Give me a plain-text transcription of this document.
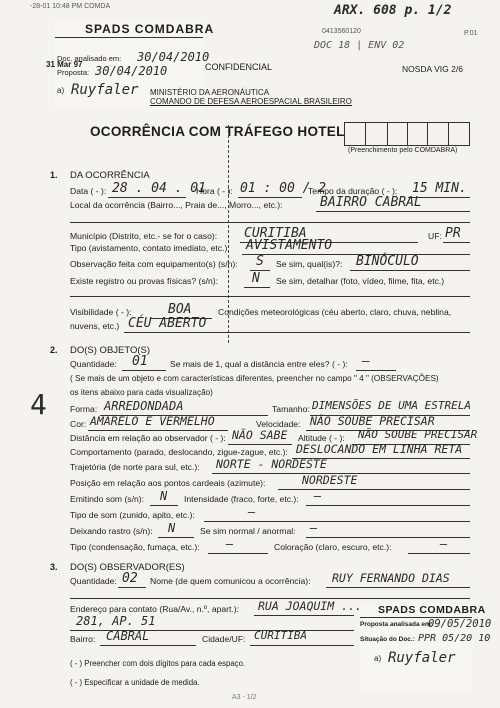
-28-01 10:48 PM COMDA
0413560120	P.01
ARX. 608 p. 1/2
DOC 18 | ENV 02
SPADS COMDABRA
Doc. analisado em: 30/04/2010
Proposta: 30/04/2010
a) Ruyfaler
31 Mar 97	CONFIDENCIAL	NOSDA VIG 2/6
MINISTÉRIO DA AERONÁUTICA
COMANDO DE DEFESA AEROESPACIAL BRASILEIRO
OCORRÊNCIA COM TRÁFEGO HOTEL
(Preenchimento pelo COMDABRA)
1. DA OCORRÊNCIA
Data ( - ): 28 . 04 . 01
Hora ( - ): 01 : 00 / 2
Tempo da duração ( - ): 15 MIN.
Local da ocorrência (Bairro..., Praia de..., Morro..., etc.):	BAIRRO CABRAL
Município (Distrito, etc.- se for o caso): CURITIBA	UF: PR
Tipo (avistamento, contato imediato, etc.): AVISTAMENTO
Observação feita com equipamento(s) (s/n): S Se sim, qual(is)?: BINÓCULO
Existe registro ou provas físicas? (s/n):	N Se sim, detalhar (foto, vídeo, filme, fita, etc.)
Visibilidade ( - ):	BOA	Condições meteorológicas (céu aberto, claro, chuva, neblina,
nuvens, etc.) CÉU ABERTO
2. DO(S) OBJETO(S)
Quantidade: 01	Se mais de 1, qual a distância entre eles? ( - ): —
( Se mais de um objeto e com características diferentes, preencher no campo " 4 " (OBSERVAÇÕES)
os itens abaixo para cada visualização)
4	Forma: ARREDONDADA	Tamanho: DIMENSÕES DE UMA ESTRELA
Cor: AMARELO E VERMELHO	Velocidade: NÃO SOUBE PRECISAR
Distância em relação ao observador ( - ): NÃO SABE Altitude ( - ): NÃO SOUBE PRECISAR
Comportamento (parado, deslocando, zigue-zague, etc.): DESLOCANDO EM LINHA RETA
Trajetória (de norte para sul, etc.): NORTE - NORDESTE
Posição em relação aos pontos cardeais (azimute):	NORDESTE
Emitindo som (s/n): N Intensidade (fraco, forte, etc.): —
Tipo de som (zunido, apito, etc.):	—
Deixando rastro (s/n): N	Se sim normal / anormal: —
Tipo (condensação, fumaça, etc.): —	Coloração (claro, escuro, etc.):	—
3. DO(S) OBSERVADOR(ES)
Quantidade: 02 Nome (de quem comunicou a ocorrência): RUY FERNANDO DIAS
Endereço para contato (Rua/Av., n.º, apart.): RUA JOAQUIM ...
281, AP. 51
Bairro: CABRAL	Cidade/UF: CURITIBA
( - ) Preencher com dois dígitos para cada espaço.
( - ) Especificar a unidade de medida.
SPADS COMDABRA
Proposta analisada em:
09/05/2010
Situação do Doc.: PPR 05/20 10
a) Ruyfaler
A3 - 1/2
